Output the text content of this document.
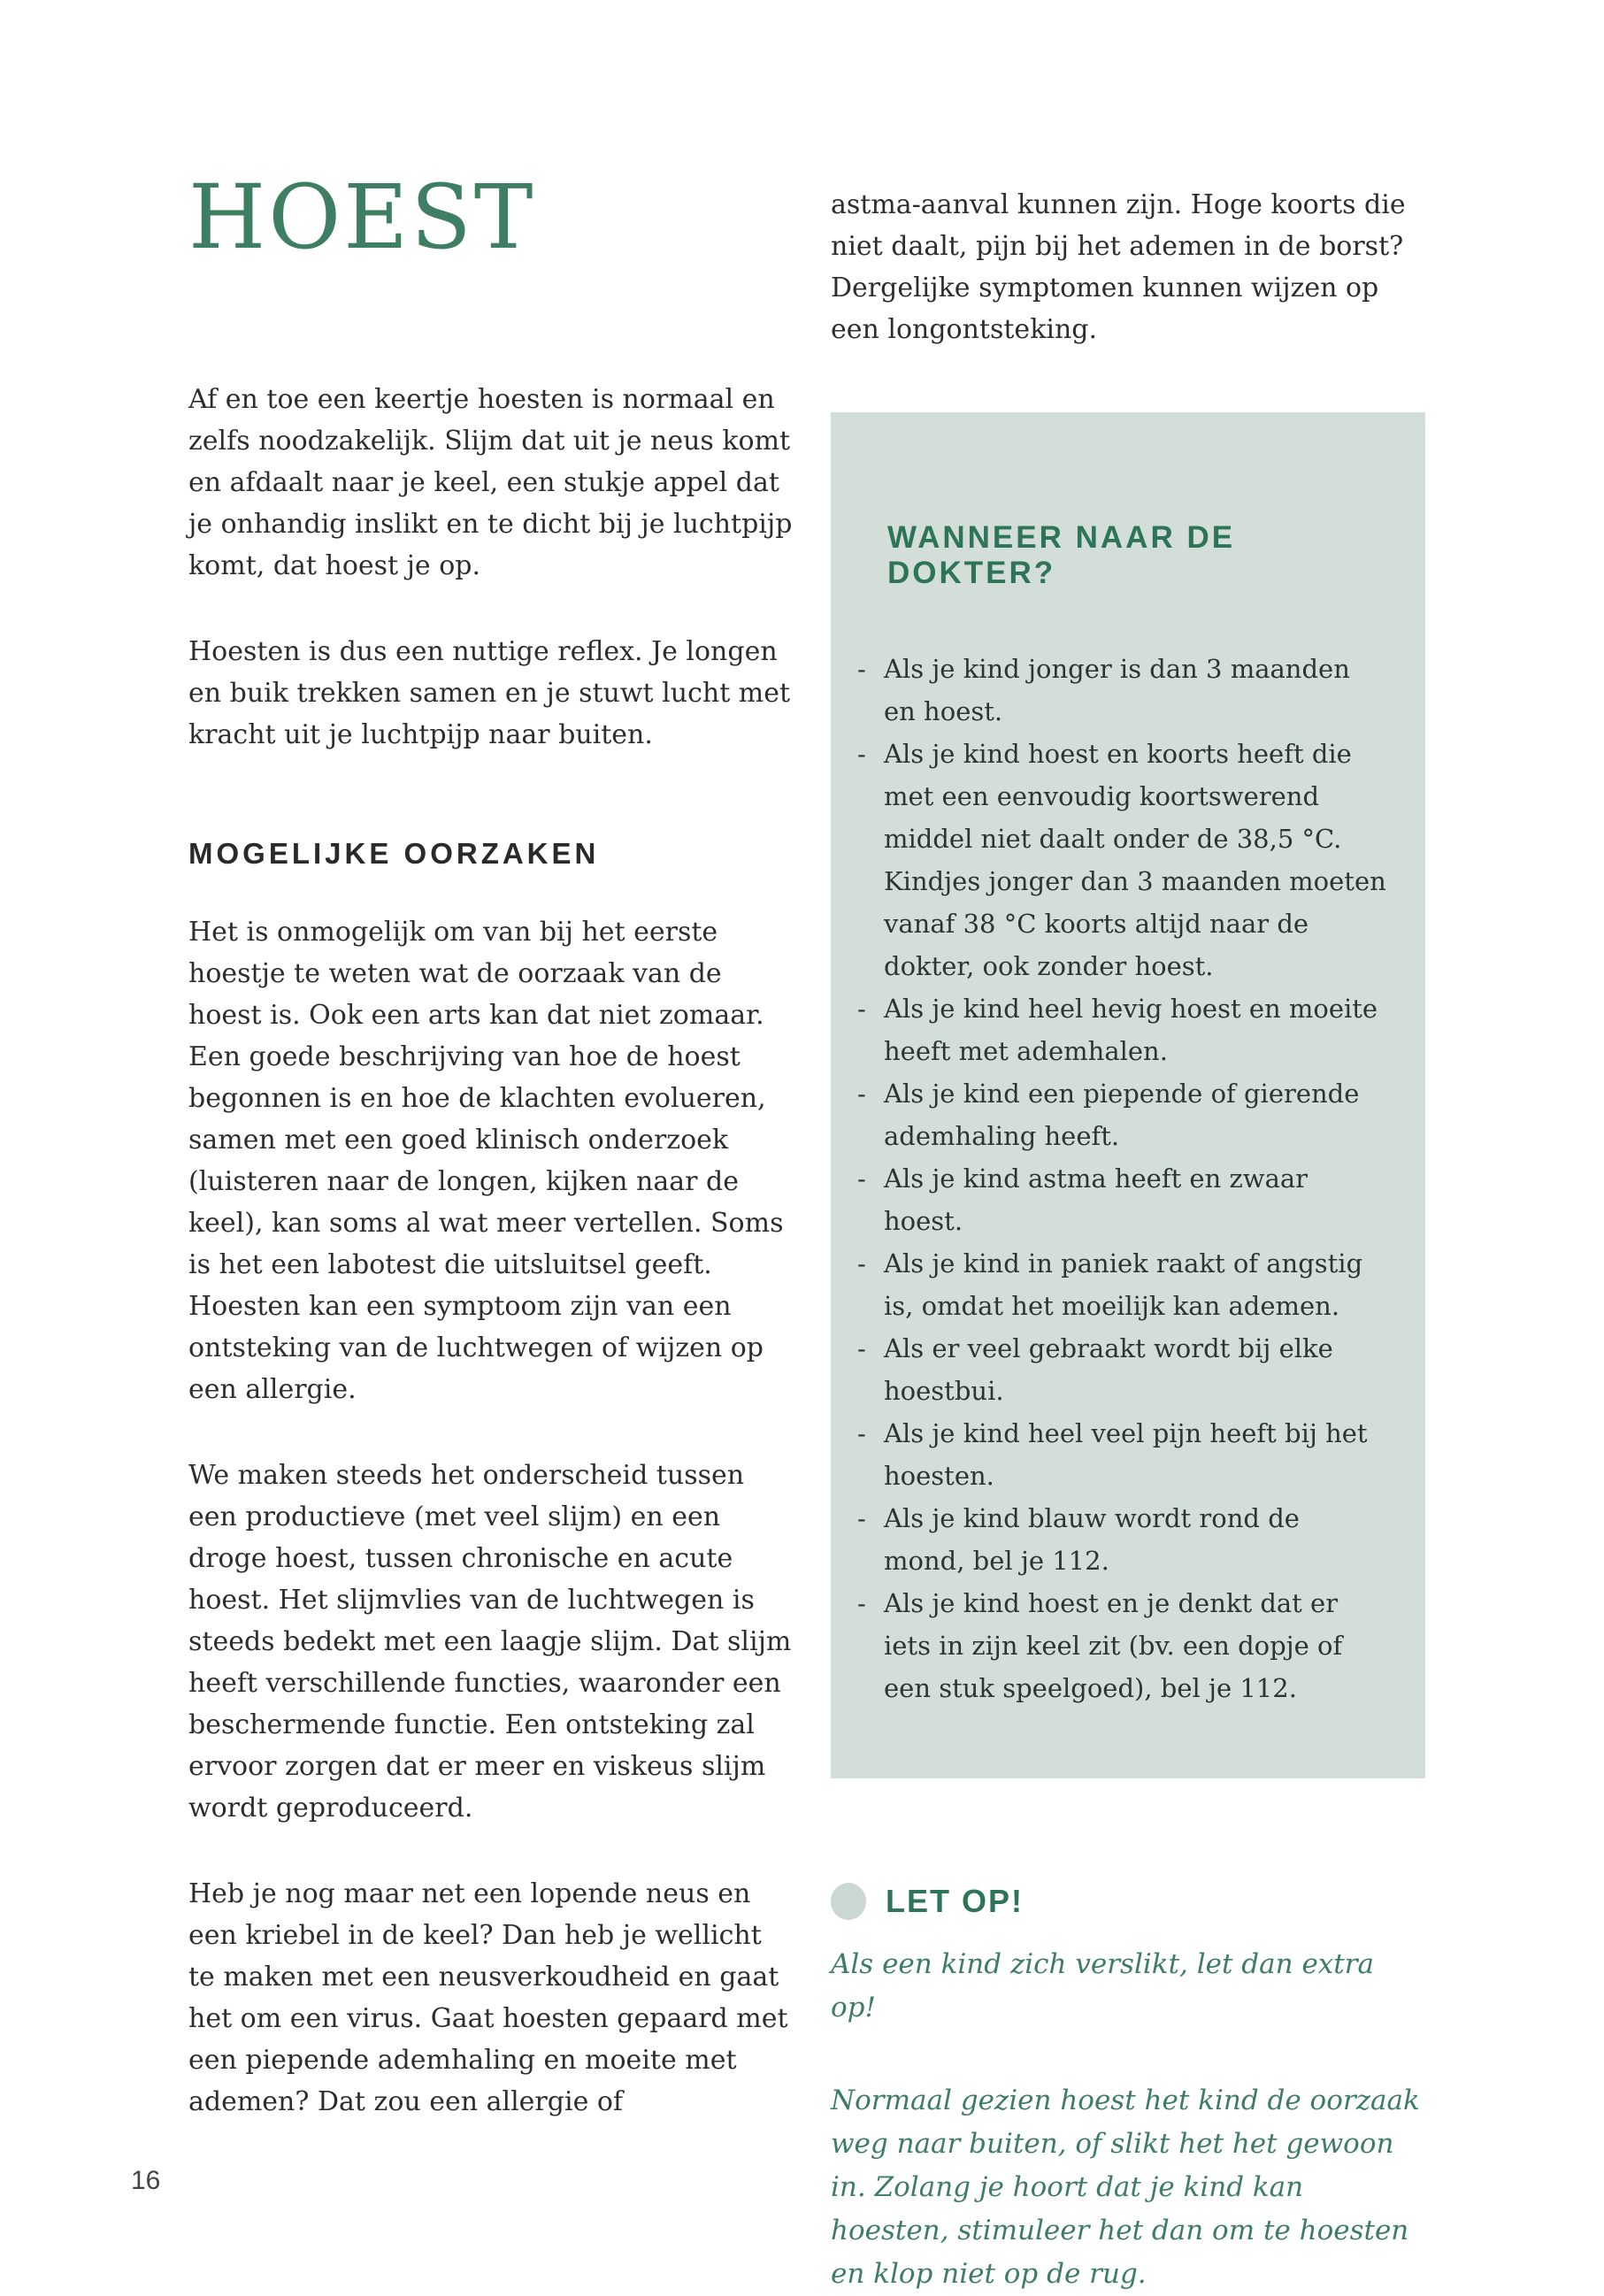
HOEST

Af en toe een keertje hoesten is normaal en zelfs noodzakelijk. Slijm dat uit je neus komt en afdaalt naar je keel, een stukje appel dat je onhandig inslikt en te dicht bij je luchtpijp komt, dat hoest je op.

Hoesten is dus een nuttige reflex. Je longen en buik trekken samen en je stuwt lucht met kracht uit je luchtpijp naar buiten.

MOGELIJKE OORZAKEN

Het is onmogelijk om van bij het eerste hoestje te weten wat de oorzaak van de hoest is. Ook een arts kan dat niet zomaar. Een goede beschrijving van hoe de hoest begonnen is en hoe de klachten evolueren, samen met een goed klinisch onderzoek (luisteren naar de longen, kijken naar de keel), kan soms al wat meer vertellen. Soms is het een labotest die uitsluitsel geeft. Hoesten kan een symptoom zijn van een ontsteking van de luchtwegen of wijzen op een allergie.

We maken steeds het onderscheid tussen een productieve (met veel slijm) en een droge hoest, tussen chronische en acute hoest. Het slijmvlies van de luchtwegen is steeds bedekt met een laagje slijm. Dat slijm heeft verschillende functies, waaronder een beschermende functie. Een ontsteking zal ervoor zorgen dat er meer en viskeus slijm wordt geproduceerd.

Heb je nog maar net een lopende neus en een kriebel in de keel? Dan heb je wellicht te maken met een neusverkoudheid en gaat het om een virus. Gaat hoesten gepaard met een piepende ademhaling en moeite met ademen? Dat zou een allergie of

astma-aanval kunnen zijn. Hoge koorts die niet daalt, pijn bij het ademen in de borst? Dergelijke symptomen kunnen wijzen op een longontsteking.

WANNEER NAAR DE DOKTER?
- Als je kind jonger is dan 3 maanden en hoest.
- Als je kind hoest en koorts heeft die met een eenvoudig koortswerend middel niet daalt onder de 38,5 °C. Kindjes jonger dan 3 maanden moeten vanaf 38 °C koorts altijd naar de dokter, ook zonder hoest.
- Als je kind heel hevig hoest en moeite heeft met ademhalen.
- Als je kind een piepende of gierende ademhaling heeft.
- Als je kind astma heeft en zwaar hoest.
- Als je kind in paniek raakt of angstig is, omdat het moeilijk kan ademen.
- Als er veel gebraakt wordt bij elke hoestbui.
- Als je kind heel veel pijn heeft bij het hoesten.
- Als je kind blauw wordt rond de mond, bel je 112.
- Als je kind hoest en je denkt dat er iets in zijn keel zit (bv. een dopje of een stuk speelgoed), bel je 112.
LET OP!

Als een kind zich verslikt, let dan extra op!

Normaal gezien hoest het kind de oorzaak weg naar buiten, of slikt het het gewoon in. Zolang je hoort dat je kind kan hoesten, stimuleer het dan om te hoesten en klop niet op de rug.

16
